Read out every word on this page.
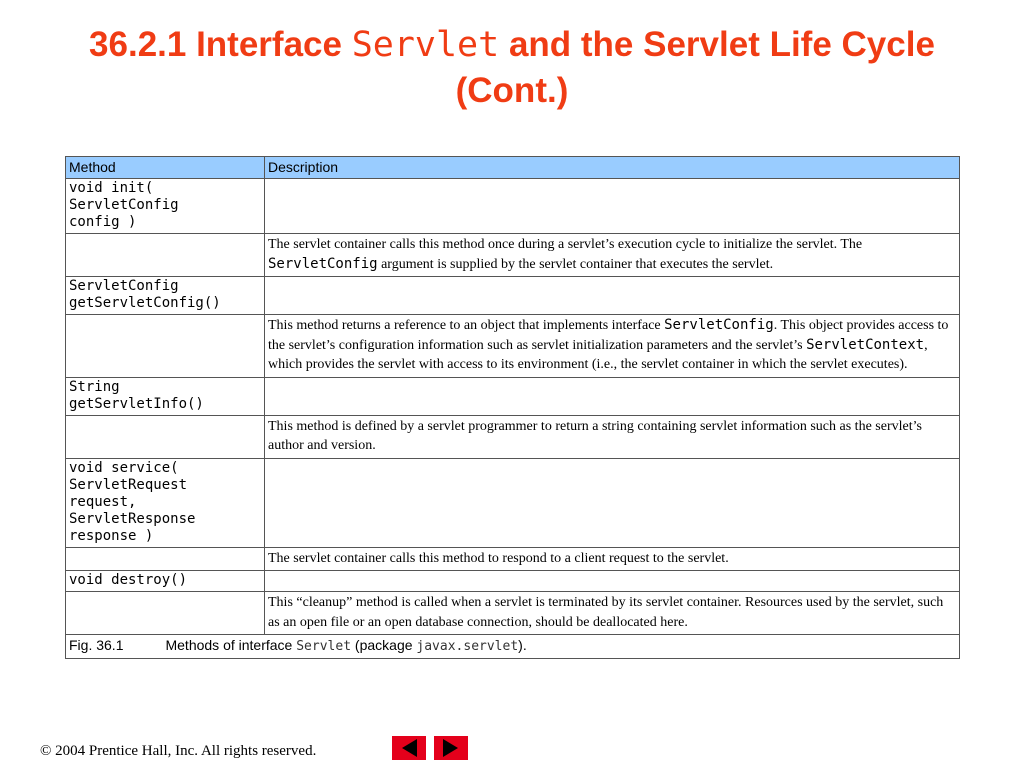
36.2.1 Interface Servlet and the Servlet Life Cycle (Cont.)
Method	Description
void init(
ServletConfig
config )	
	The servlet container calls this method once during a servlet’s execution cycle to initialize the servlet. The ServletConfig argument is supplied by the servlet container that executes the servlet.
ServletConfig
getServletConfig()	
	This method returns a reference to an object that implements interface ServletConfig. This object provides access to the servlet’s configuration information such as servlet initialization parameters and the servlet’s ServletContext, which provides the servlet with access to its environment (i.e., the servlet container in which the servlet executes).
String
getServletInfo()	
	This method is defined by a servlet programmer to return a string containing servlet information such as the servlet’s author and version.
void service(
ServletRequest
request,
ServletResponse
response )	
	The servlet container calls this method to respond to a client request to the servlet.
void destroy()	
	This “cleanup” method is called when a servlet is terminated by its servlet container. Resources used by the servlet, such as an open file or an open database connection, should be deallocated here.
Fig. 36.1 Methods of interface Servlet (package javax.servlet).	
© 2004 Prentice Hall, Inc. All rights reserved.
